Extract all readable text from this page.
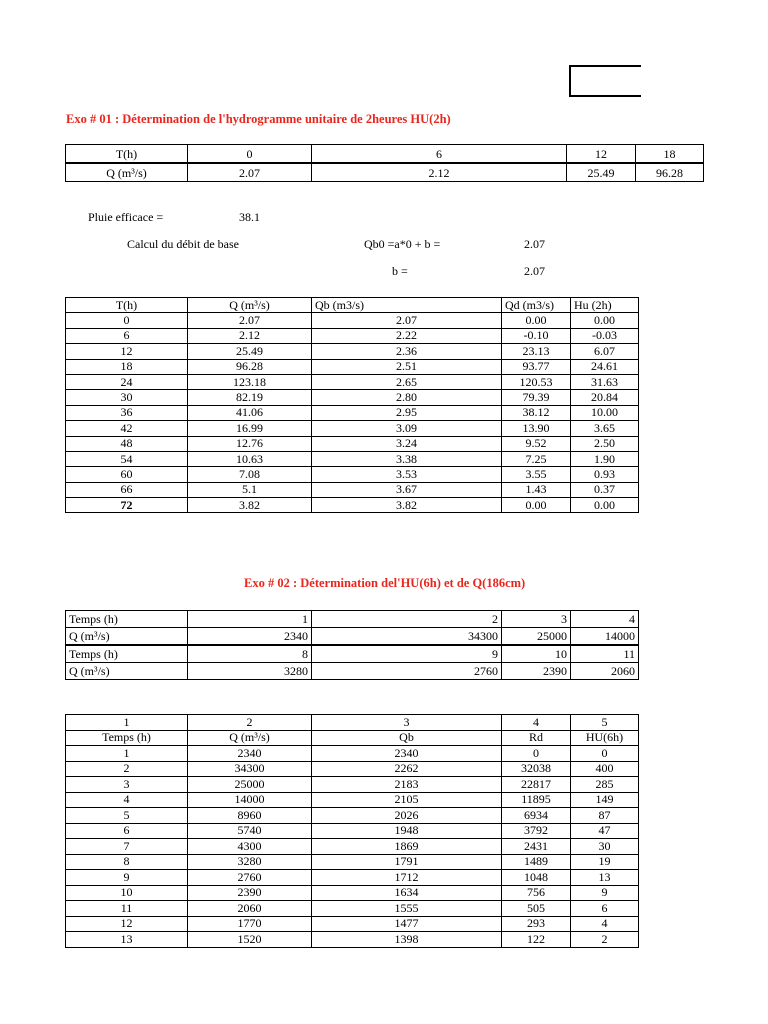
Exo # 01 : Détermination de l'hydrogramme unitaire de 2heures HU(2h)
T(h)	0	6	12	18
Q (m³/s)	2.07	2.12	25.49	96.28
Pluie efficace =	38.1
Calcul du débit de base	Qb0 =a*0 + b =	2.07
b =	2.07
T(h)	Q (m³/s)	Qb (m3/s)	Qd (m3/s)	Hu (2h)
0	2.07	2.07	0.00	0.00
6	2.12	2.22	-0.10	-0.03
12	25.49	2.36	23.13	6.07
18	96.28	2.51	93.77	24.61
24	123.18	2.65	120.53	31.63
30	82.19	2.80	79.39	20.84
36	41.06	2.95	38.12	10.00
42	16.99	3.09	13.90	3.65
48	12.76	3.24	9.52	2.50
54	10.63	3.38	7.25	1.90
60	7.08	3.53	3.55	0.93
66	5.1	3.67	1.43	0.37
72	3.82	3.82	0.00	0.00
Exo # 02 : Détermination del'HU(6h) et de Q(186cm)
Temps (h)	1	2	3	4
Q (m³/s)	2340	34300	25000	14000
Temps (h)	8	9	10	11
Q (m³/s)	3280	2760	2390	2060
1	2	3	4	5
Temps (h)	Q (m³/s)	Qb	Rd	HU(6h)
1	2340	2340	0	0
2	34300	2262	32038	400
3	25000	2183	22817	285
4	14000	2105	11895	149
5	8960	2026	6934	87
6	5740	1948	3792	47
7	4300	1869	2431	30
8	3280	1791	1489	19
9	2760	1712	1048	13
10	2390	1634	756	9
11	2060	1555	505	6
12	1770	1477	293	4
13	1520	1398	122	2
